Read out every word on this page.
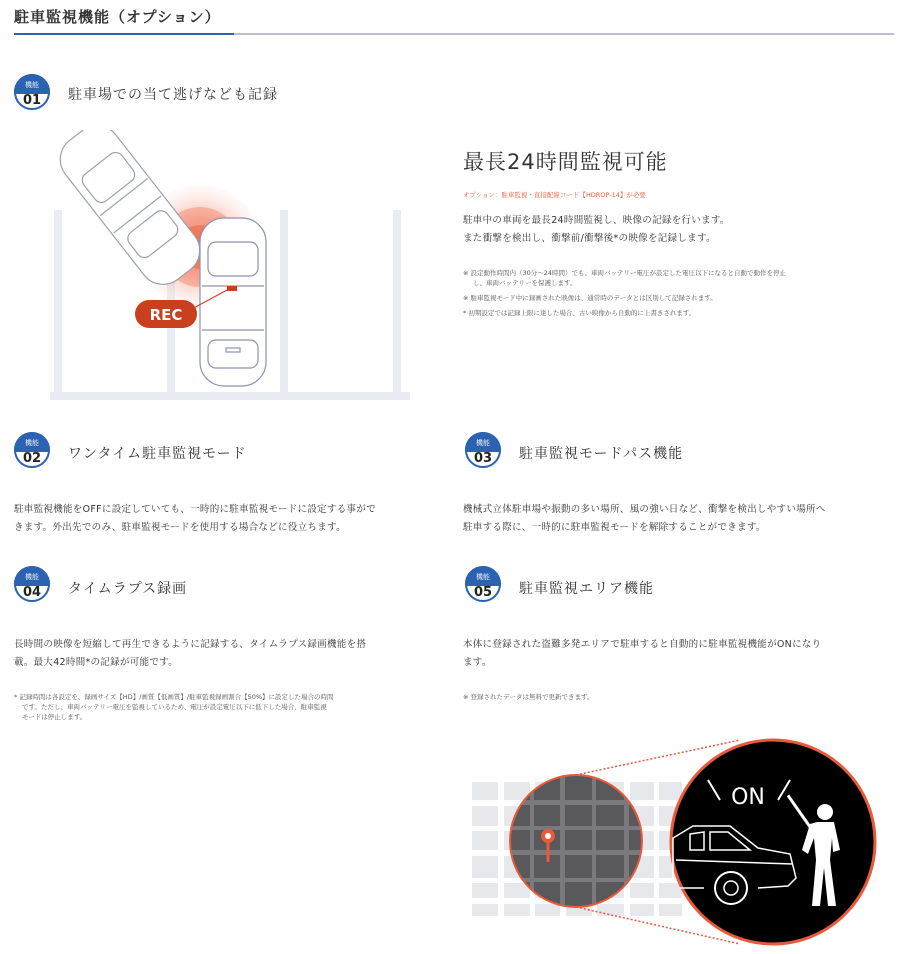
駐車監視機能（オプション）
機能
01	駐車場での当て逃げなども記録
REC
最長24時間監視可能
オプション：駐車監視・直接配線コード【HDROP-14】が必要
駐車中の車両を最長24時間監視し、映像の記録を行います。
また衝撃を検出し、衝撃前/衝撃後*の映像を記録します。
※ 設定動作時間内（30分〜24時間）でも、車両バッテリー電圧が設定した電圧以下になると自動で動作を停止
し、車両バッテリーを保護します。
※ 駐車監視モード中に録画された映像は、通常時のデータとは区別して記録されます。
* 初期設定では記録上限に達した場合、古い映像から自動的に上書きされます。
機能
02	ワンタイム駐車監視モード
駐車監視機能をOFFに設定していても、一時的に駐車監視モードに設定する事がで
きます。外出先でのみ、駐車監視モードを使用する場合などに役立ちます。
機能
03	駐車監視モードパス機能
機械式立体駐車場や振動の多い場所、風の強い日など、衝撃を検出しやすい場所へ
駐車する際に、一時的に駐車監視モードを解除することができます。
機能
04	タイムラプス録画
長時間の映像を短縮して再生できるように記録する、タイムラプス録画機能を搭
載。最大42時間*の記録が可能です。
* 記録時間は各設定を、録画サイズ【HD】/画質【低画質】/駐車監視録画割合【50%】に設定した場合の時間
です。ただし、車両バッテリー電圧を監視しているため、電圧が設定電圧以下に低下した場合、駐車監視
モードは停止します。
機能
05	駐車監視エリア機能
本体に登録された盗難多発エリアで駐車すると自動的に駐車監視機能がONになり
ます。
※ 登録されたデータは無料で更新できます。
ON
